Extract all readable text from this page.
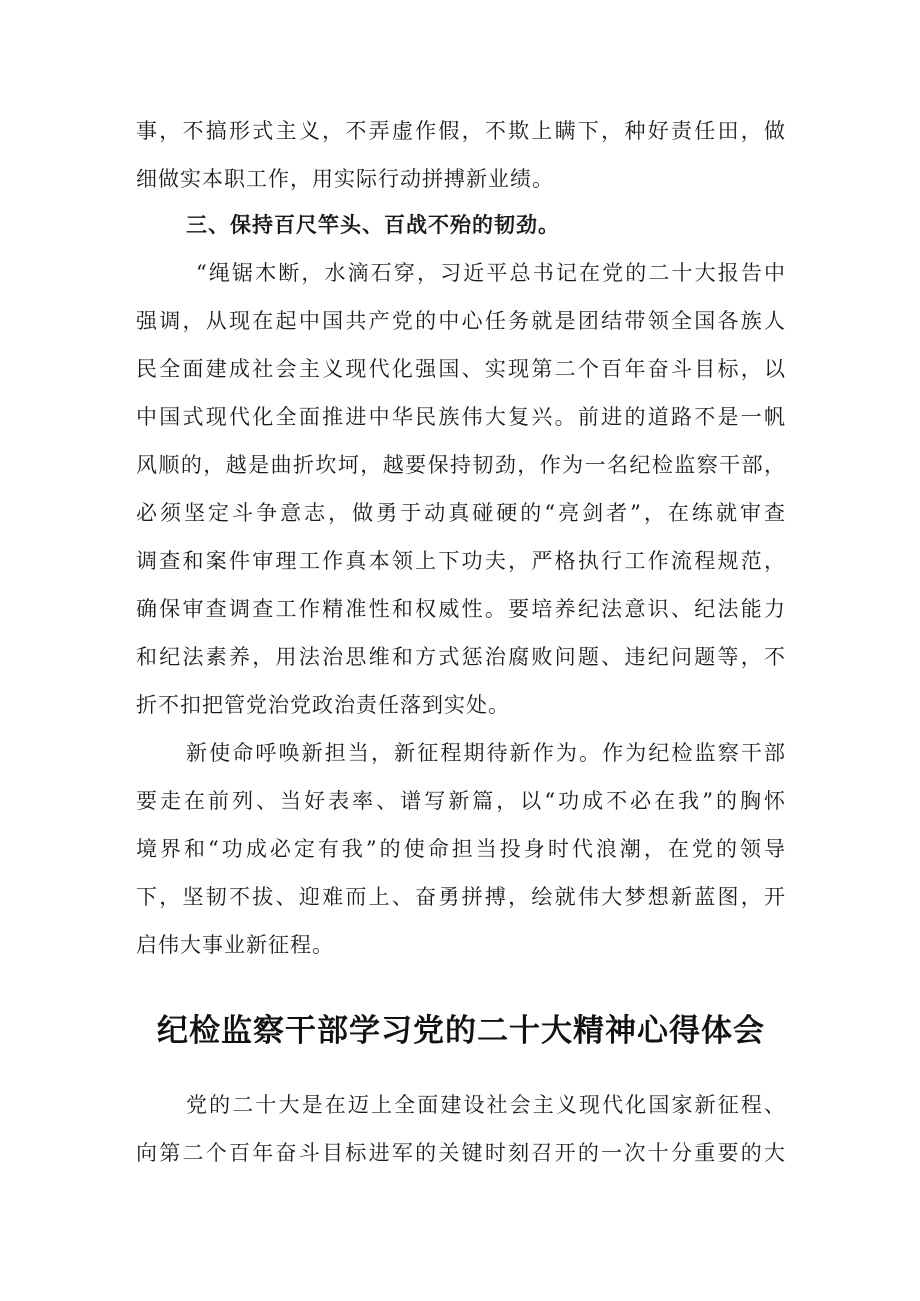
事，不搞形式主义，不弄虚作假，不欺上瞒下，种好责任田，做

细做实本职工作，用实际行动拼搏新业绩。

三、保持百尺竿头、百战不殆的韧劲。

“绳锯木断，水滴石穿，习近平总书记在党的二十大报告中

强调，从现在起中国共产党的中心任务就是团结带领全国各族人

民全面建成社会主义现代化强国、实现第二个百年奋斗目标，以

中国式现代化全面推进中华民族伟大复兴。前进的道路不是一帆

风顺的，越是曲折坎坷，越要保持韧劲，作为一名纪检监察干部，

必须坚定斗争意志，做勇于动真碰硬的“亮剑者”，在练就审查

调查和案件审理工作真本领上下功夫，严格执行工作流程规范，

确保审查调查工作精准性和权威性。要培养纪法意识、纪法能力

和纪法素养，用法治思维和方式惩治腐败问题、违纪问题等，不

折不扣把管党治党政治责任落到实处。

新使命呼唤新担当，新征程期待新作为。作为纪检监察干部

要走在前列、当好表率、谱写新篇，以“功成不必在我”的胸怀

境界和“功成必定有我”的使命担当投身时代浪潮，在党的领导

下，坚韧不拔、迎难而上、奋勇拼搏，绘就伟大梦想新蓝图，开

启伟大事业新征程。

纪检监察干部学习党的二十大精神心得体会

党的二十大是在迈上全面建设社会主义现代化国家新征程、

向第二个百年奋斗目标进军的关键时刻召开的一次十分重要的大
